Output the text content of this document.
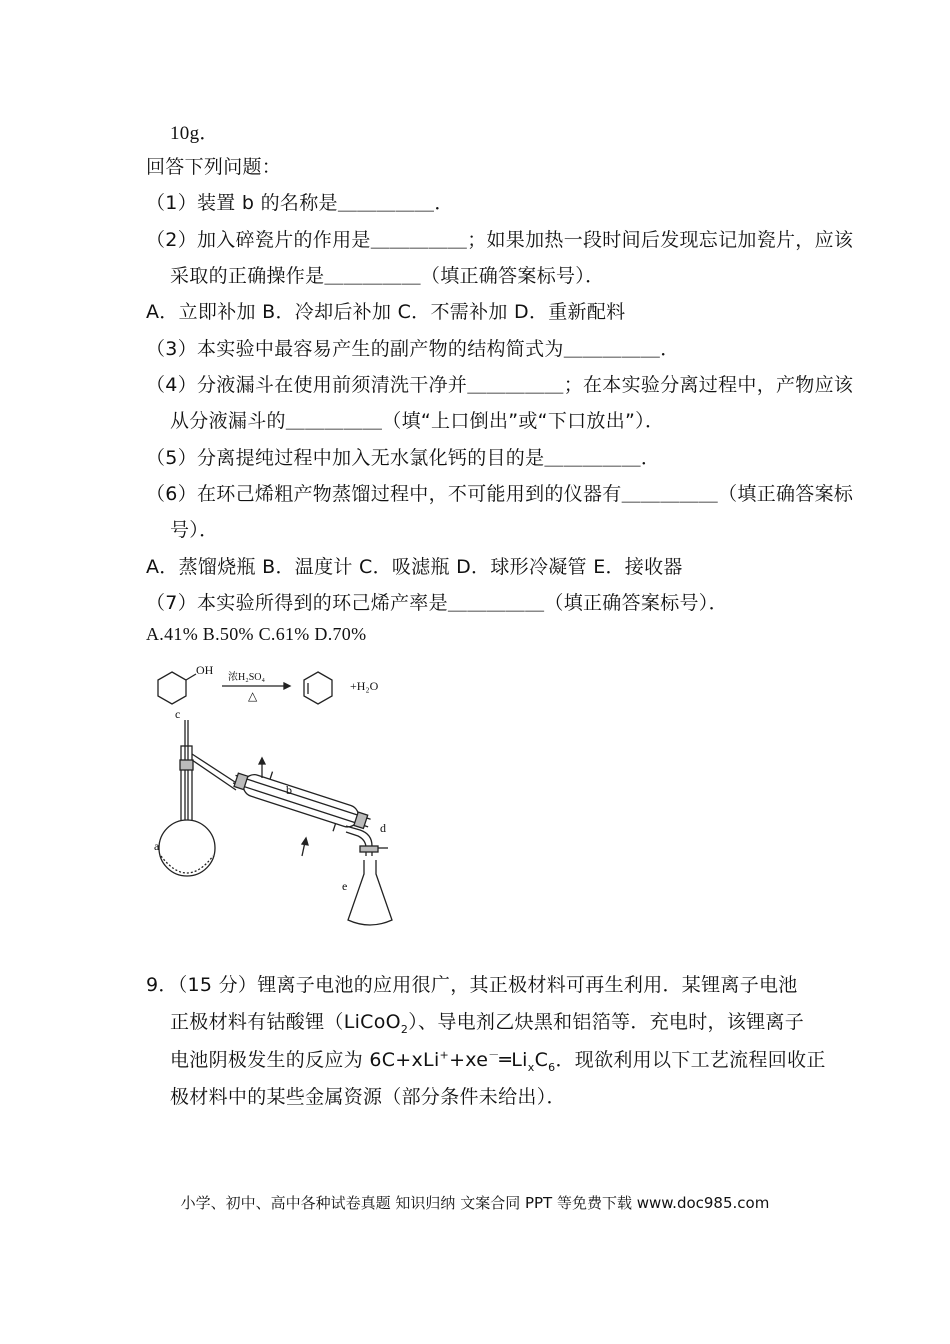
10g．
回答下列问题：
（1）装置 b 的名称是＿＿＿＿＿．
（2）加入碎瓷片的作用是＿＿＿＿＿；如果加热一段时间后发现忘记加瓷片，应该
采取的正确操作是＿＿＿＿＿（填正确答案标号）．
A．立即补加 B．冷却后补加 C．不需补加 D．重新配料
（3）本实验中最容易产生的副产物的结构简式为＿＿＿＿＿．
（4）分液漏斗在使用前须清洗干净并＿＿＿＿＿；在本实验分离过程中，产物应该
从分液漏斗的＿＿＿＿＿（填“上口倒出”或“下口放出”）．
（5）分离提纯过程中加入无水氯化钙的目的是＿＿＿＿＿．
（6）在环己烯粗产物蒸馏过程中，不可能用到的仪器有＿＿＿＿＿（填正确答案标
号）．
A．蒸馏烧瓶 B．温度计 C．吸滤瓶 D．球形冷凝管 E．接收器
（7）本实验所得到的环己烯产率是＿＿＿＿＿（填正确答案标号）．
A.41% B.50% C.61% D.70%
OH
浓H₂SO₄
△
+H₂O
c
a
b
d
e
9．（15 分）锂离子电池的应用很广，其正极材料可再生利用．某锂离子电池
正极材料有钴酸锂（LiCoO$_2$）、导电剂乙炔黑和铝箔等．充电时，该锂离子
电池阴极发生的反应为 $6C+xLi^++xe^-═Li_xC_6$．现欲利用以下工艺流程回收正
极材料中的某些金属资源（部分条件未给出）．
小学、初中、高中各种试卷真题 知识归纳 文案合同 PPT 等免费下载 www.doc985.com
